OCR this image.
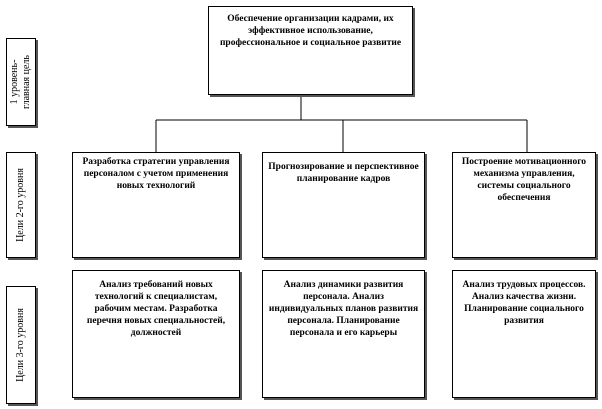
1 уровень-
главная цель
Цели 2-го уровня
Цели 3-го уровня
Обеспечение организации кадрами, их эффективное использование, профессиональное и социальное развитие
Разработка стратегии управления персоналом с учетом применения новых технологий
Прогнозирование и перспективное планирование кадров
Построение мотивационного механизма управления, системы социального обеспечения
Анализ требований новых технологий к специалистам, рабочим местам. Разработка перечня новых специальностей, должностей
Анализ динамики развития персонала. Анализ индивидуальных планов развития персонала. Планирование персонала и его карьеры
Анализ трудовых процессов. Анализ качества жизни. Планирование социального развития
